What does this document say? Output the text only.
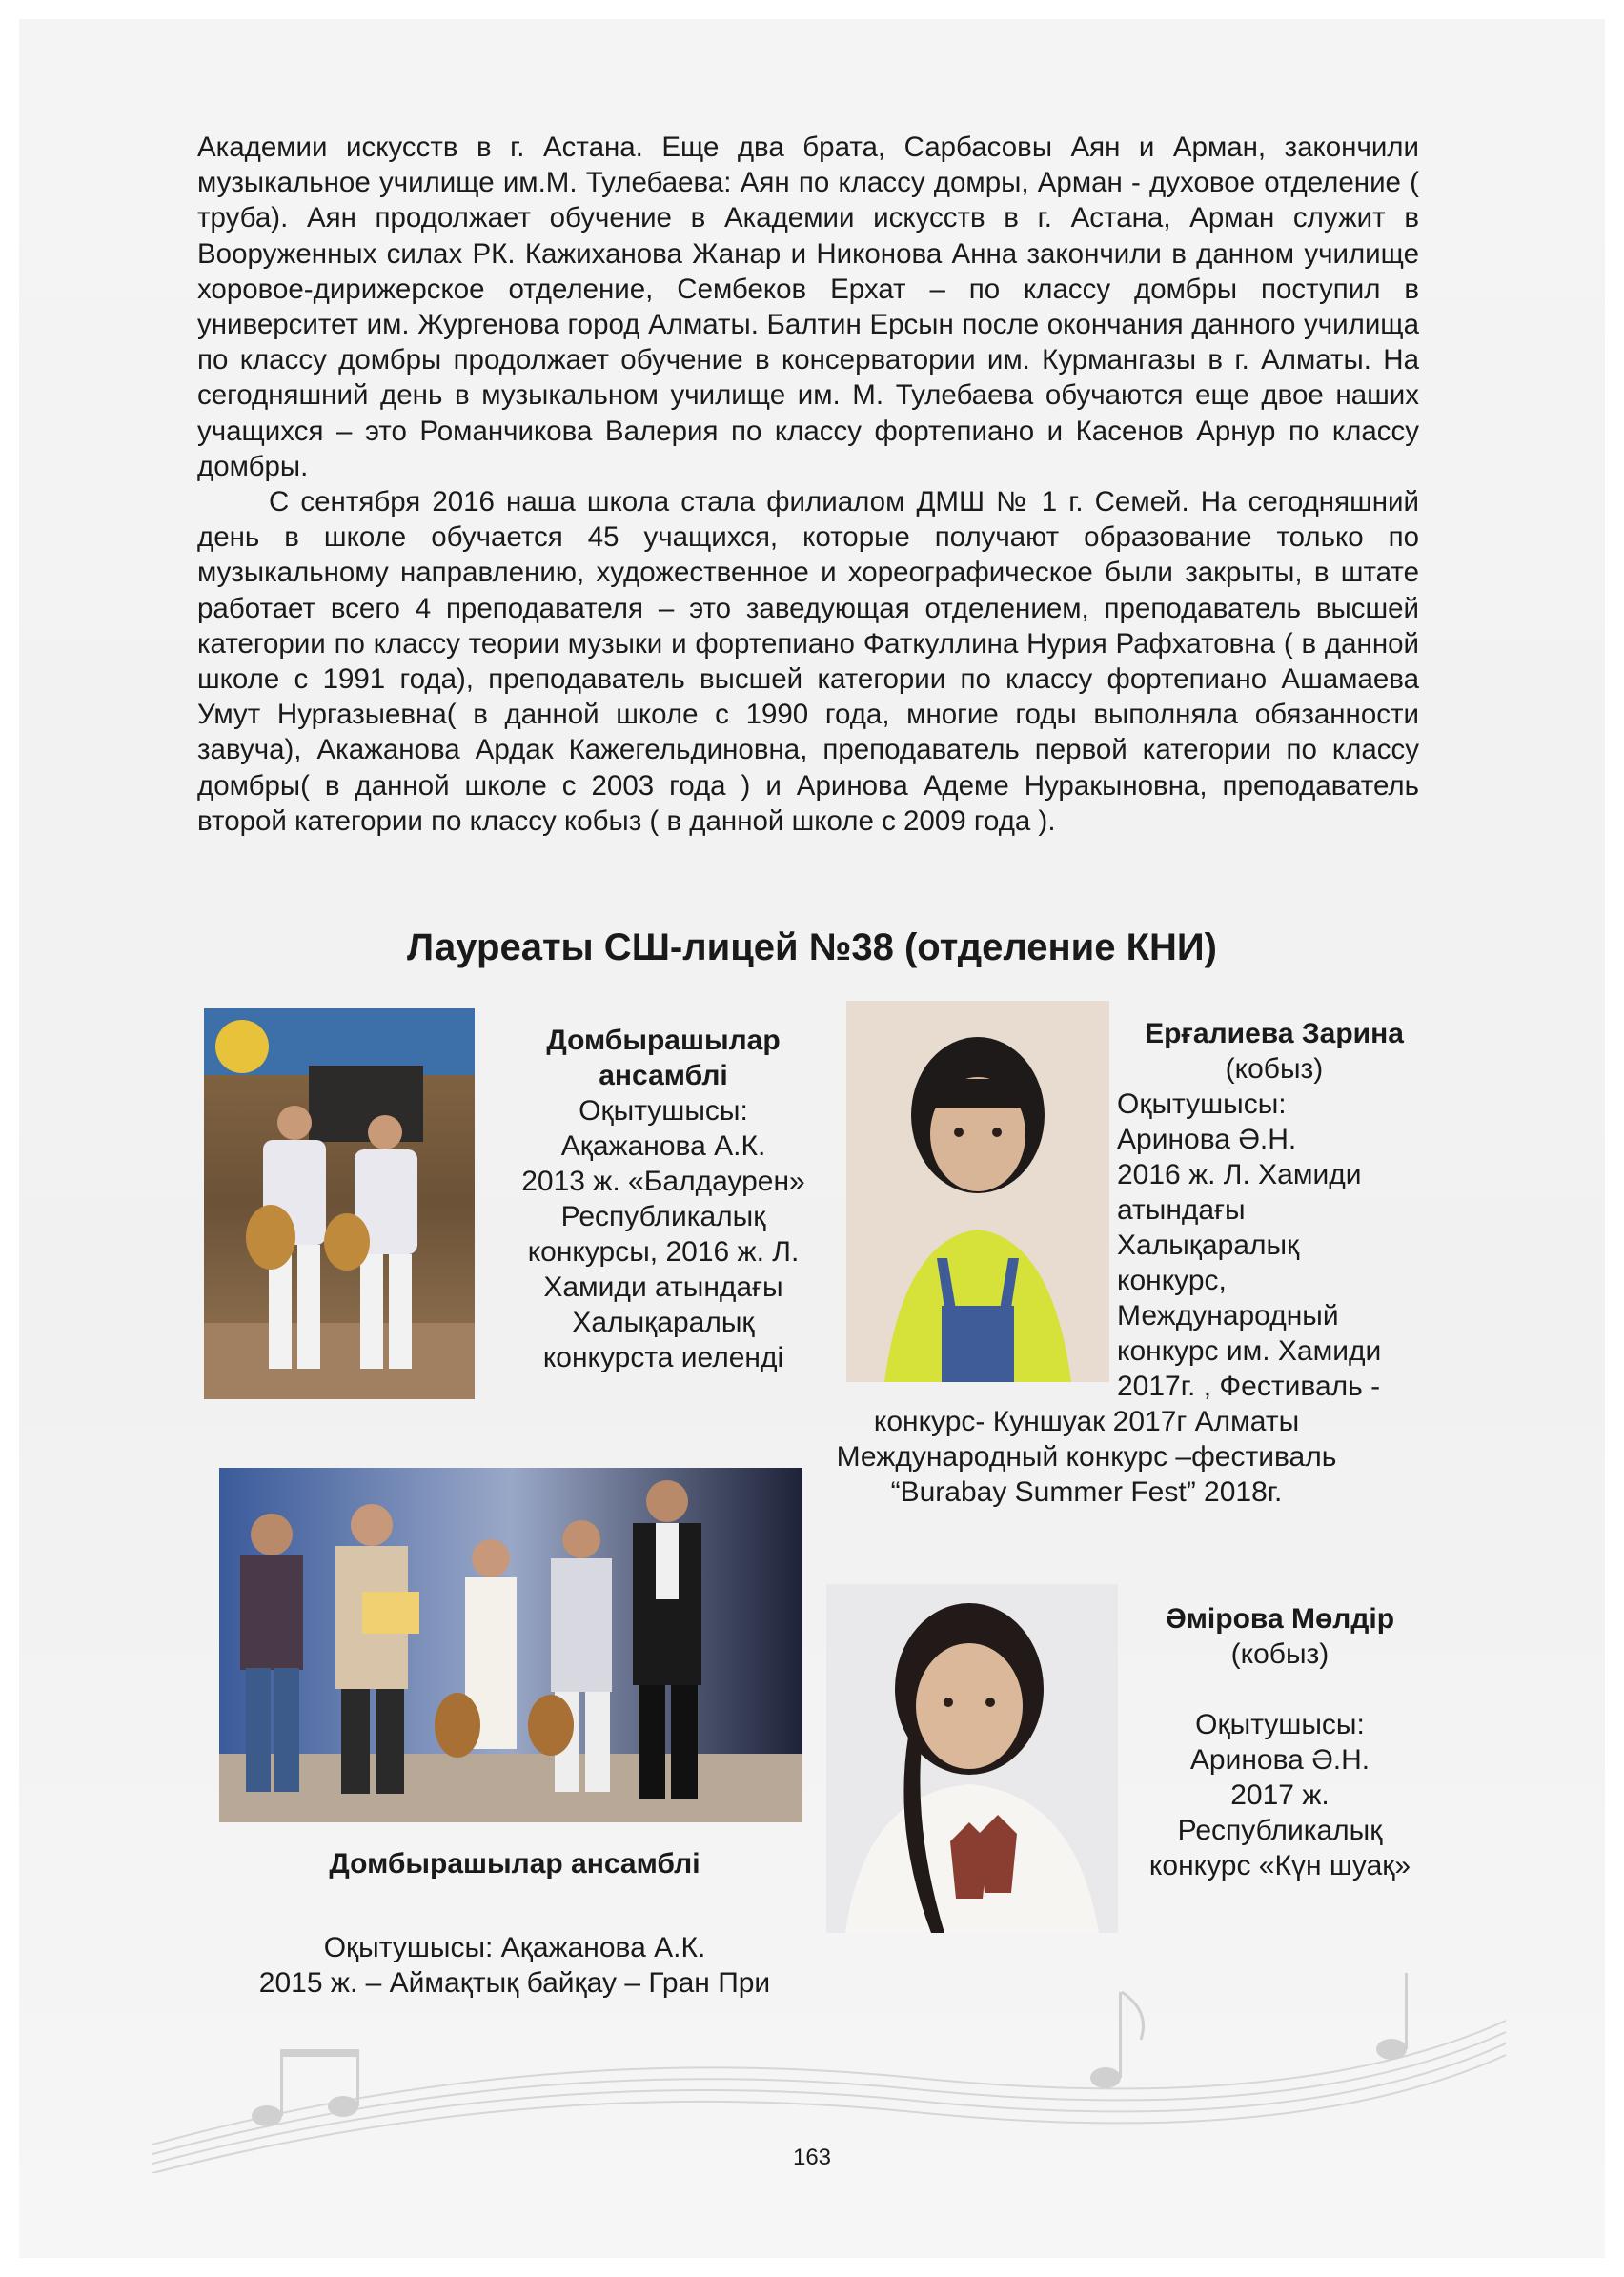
Академии искусств в г. Астана. Еще два брата, Сарбасовы Аян и Арман, закончили музыкальное училище им.М. Тулебаева: Аян по классу домры, Арман - духовое отделение ( труба). Аян продолжает обучение в Академии искусств в г. Астана, Арман служит в Вооруженных силах РК. Кажиханова Жанар и Никонова Анна закончили в данном училище хоровое-дирижерское отделение, Сембеков Ерхат – по классу домбры поступил в университет им. Жургенова город Алматы. Балтин Ерсын после окончания данного училища по классу домбры продолжает обучение в консерватории им. Курмангазы в г. Алматы. На сегодняшний день в музыкальном училище им. М. Тулебаева обучаются еще двое наших учащихся – это Романчикова Валерия по классу фортепиано и Касенов Арнур по классу домбры.

С сентября 2016 наша школа стала филиалом ДМШ № 1 г. Семей. На сегодняшний день в школе обучается 45 учащихся, которые получают образование только по музыкальному направлению, художественное и хореографическое были закрыты, в штате работает всего 4 преподавателя – это заведующая отделением, преподаватель высшей категории по классу теории музыки и фортепиано Фаткуллина Нурия Рафхатовна ( в данной школе с 1991 года), преподаватель высшей категории по классу фортепиано Ашамаева Умут Нургазыевна( в данной школе с 1990 года, многие годы выполняла обязанности завуча), Акажанова Ардак Кажегельдиновна, преподаватель первой категории по классу домбры( в данной школе с 2003 года ) и Аринова Адеме Нуракыновна, преподаватель второй категории по классу кобыз ( в данной школе с 2009 года ).

Лауреаты СШ-лицей №38 (отделение КНИ)
Домбырашылар
ансамблі
Оқытушысы:
Ақажанова А.К.
2013 ж. «Балдаурен»
Республикалық
конкурсы, 2016 ж. Л.
Хамиди атындағы
Халықаралық
конкурста иеленді
Ерғалиева Зарина
(кобыз)
Оқытушысы:
Аринова Ә.Н.
2016 ж. Л. Хамиди
атындағы
Халықаралық
конкурс,
Международный
конкурс им. Хамиди
2017г. , Фестиваль -
конкурс- Куншуак 2017г Алматы
Международный конкурс –фестиваль
“Burabay Summer Fest” 2018г.
Домбырашылар ансамблі
Оқытушысы: Ақажанова А.К.
2015 ж. – Аймақтық байқау – Гран При
Әмірова Мөлдір
(кобыз)
Оқытушысы:
Аринова Ә.Н.
2017 ж.
Республикалық
конкурс «Күн шуақ»
163
